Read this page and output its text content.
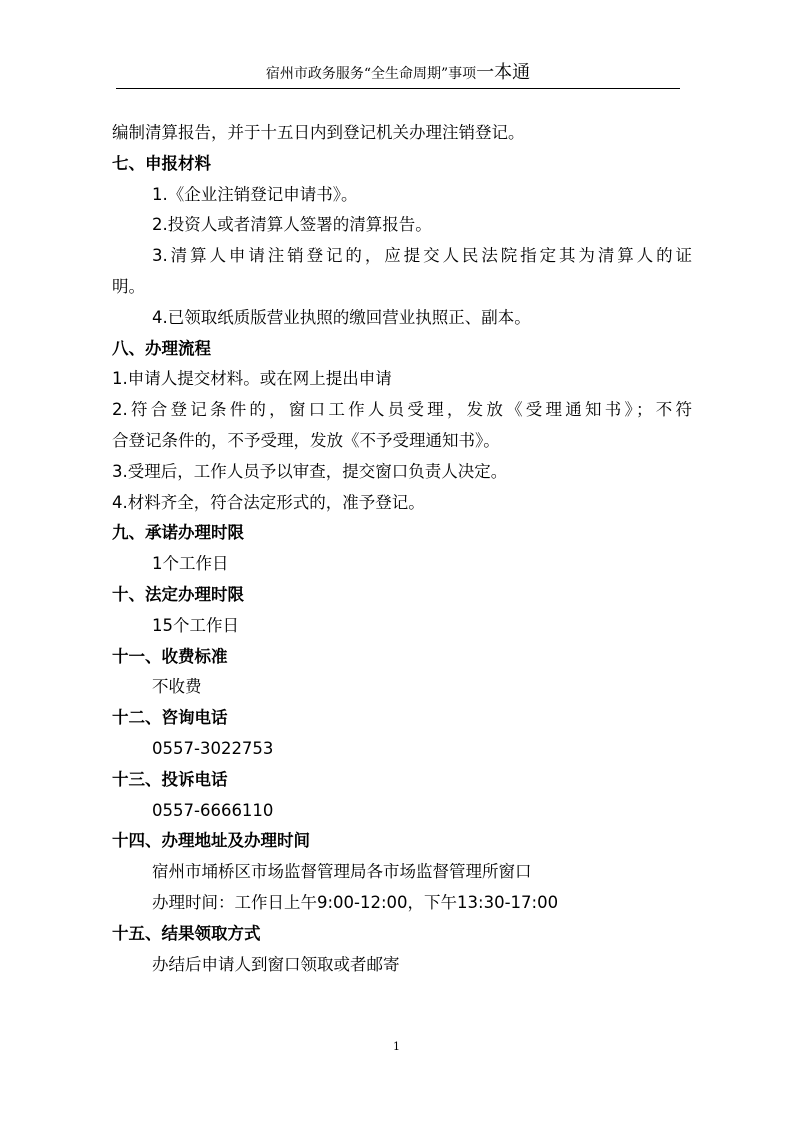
宿州市政务服务“全生命周期”事项一本通
编制清算报告，并于十五日内到登记机关办理注销登记。
七、申报材料
1.《企业注销登记申请书》。
2.投资人或者清算人签署的清算报告。
3.清算人申请注销登记的，应提交人民法院指定其为清算人的证
明。
4.已领取纸质版营业执照的缴回营业执照正、副本。
八、办理流程
1.申请人提交材料。或在网上提出申请
2.符合登记条件的，窗口工作人员受理，发放《受理通知书》；不符
合登记条件的，不予受理，发放《不予受理通知书》。
3.受理后，工作人员予以审查，提交窗口负责人决定。
4.材料齐全，符合法定形式的，准予登记。
九、承诺办理时限
1个工作日
十、法定办理时限
15个工作日
十一、收费标准
不收费
十二、咨询电话
0557-3022753
十三、投诉电话
0557-6666110
十四、办理地址及办理时间
宿州市埇桥区市场监督管理局各市场监督管理所窗口
办理时间：工作日上午9:00-12:00，下午13:30-17:00
十五、结果领取方式
办结后申请人到窗口领取或者邮寄
1
